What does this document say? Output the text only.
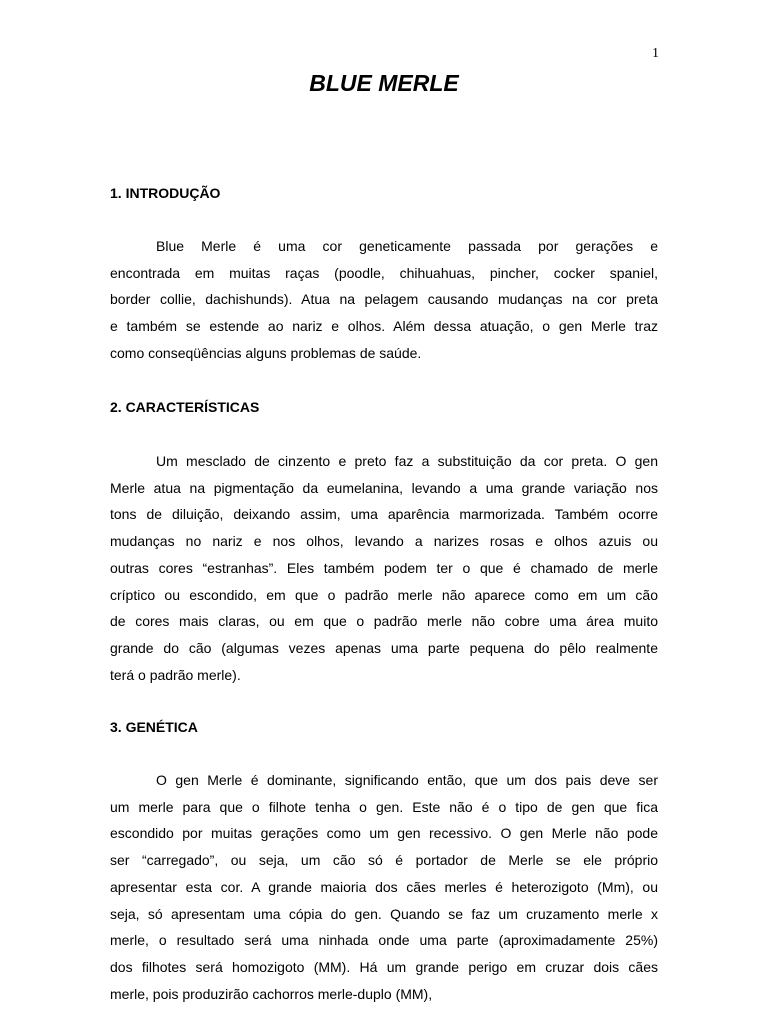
1
BLUE MERLE
1. INTRODUÇÃO
Blue Merle é uma cor geneticamente passada por gerações e
encontrada em muitas raças (poodle, chihuahuas, pincher, cocker spaniel,
border collie, dachishunds). Atua na pelagem causando mudanças na cor preta
e também se estende ao nariz e olhos. Além dessa atuação, o gen Merle traz
como conseqüências alguns problemas de saúde.
2. CARACTERÍSTICAS
Um mesclado de cinzento e preto faz a substituição da cor preta. O gen
Merle atua na pigmentação da eumelanina, levando a uma grande variação nos
tons de diluição, deixando assim, uma aparência marmorizada. Também ocorre
mudanças no nariz e nos olhos, levando a narizes rosas e olhos azuis ou
outras cores “estranhas”. Eles também podem ter o que é chamado de merle
críptico ou escondido, em que o padrão merle não aparece como em um cão
de cores mais claras, ou em que o padrão merle não cobre uma área muito
grande do cão (algumas vezes apenas uma parte pequena do pêlo realmente
terá o padrão merle).
3. GENÉTICA
O gen Merle é dominante, significando então, que um dos pais deve ser
um merle para que o filhote tenha o gen. Este não é o tipo de gen que fica
escondido por muitas gerações como um gen recessivo. O gen Merle não pode
ser “carregado”, ou seja, um cão só é portador de Merle se ele próprio
apresentar esta cor. A grande maioria dos cães merles é heterozigoto (Mm), ou
seja, só apresentam uma cópia do gen. Quando se faz um cruzamento merle x
merle, o resultado será uma ninhada onde uma parte (aproximadamente 25%)
dos filhotes será homozigoto (MM). Há um grande perigo em cruzar dois cães
merle, pois produzirão cachorros merle-duplo (MM),
